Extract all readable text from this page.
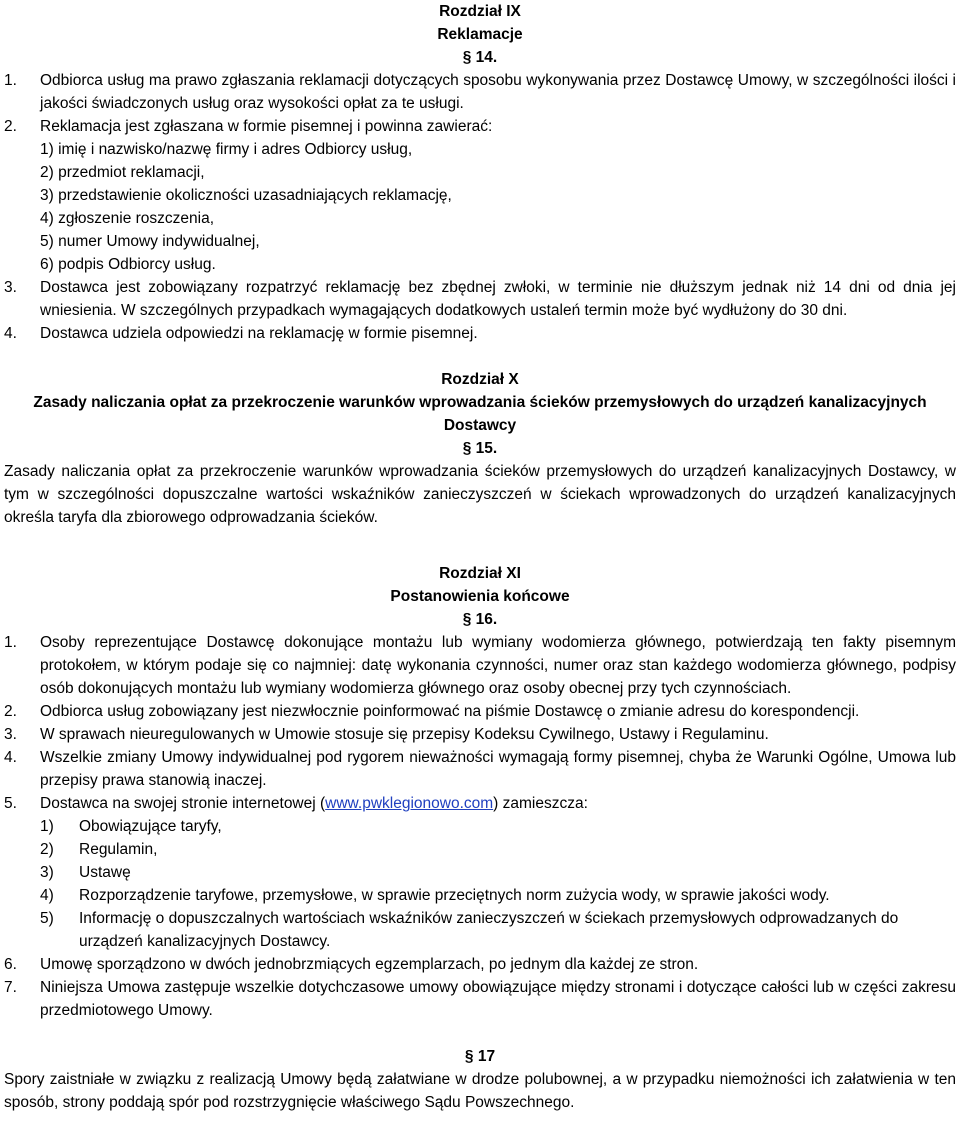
Rozdział IX
Reklamacje
§ 14.
1.	Odbiorca usług ma prawo zgłaszania reklamacji dotyczących sposobu wykonywania przez Dostawcę Umowy, w szczególności ilości i jakości świadczonych usług oraz wysokości opłat za te usługi.
2.	Reklamacja jest zgłaszana w formie pisemnej i powinna zawierać:
1) imię i nazwisko/nazwę firmy i adres Odbiorcy usług,
2) przedmiot reklamacji,
3) przedstawienie okoliczności uzasadniających reklamację,
4) zgłoszenie roszczenia,
5) numer Umowy indywidualnej,
6) podpis Odbiorcy usług.
3.	Dostawca jest zobowiązany rozpatrzyć reklamację bez zbędnej zwłoki, w terminie nie dłuższym jednak niż 14 dni od dnia jej wniesienia. W szczególnych przypadkach wymagających dodatkowych ustaleń termin może być wydłużony do 30 dni.
4.	Dostawca udziela odpowiedzi na reklamację w formie pisemnej.
Rozdział X
Zasady naliczania opłat za przekroczenie warunków wprowadzania ścieków przemysłowych do urządzeń kanalizacyjnych Dostawcy
§ 15.
Zasady naliczania opłat za przekroczenie warunków wprowadzania ścieków przemysłowych do urządzeń kanalizacyjnych Dostawcy, w tym w szczególności dopuszczalne wartości wskaźników zanieczyszczeń w ściekach wprowadzonych do urządzeń kanalizacyjnych określa taryfa dla zbiorowego odprowadzania ścieków.
Rozdział XI
Postanowienia końcowe
§ 16.
1.	Osoby reprezentujące Dostawcę dokonujące montażu lub wymiany wodomierza głównego, potwierdzają ten fakty pisemnym protokołem, w którym podaje się co najmniej: datę wykonania czynności, numer oraz stan każdego wodomierza głównego, podpisy osób dokonujących montażu lub wymiany wodomierza głównego oraz osoby obecnej przy tych czynnościach.
2.	Odbiorca usług zobowiązany jest niezwłocznie poinformować na piśmie Dostawcę o zmianie adresu do korespondencji.
3.	W sprawach nieuregulowanych w Umowie stosuje się przepisy Kodeksu Cywilnego, Ustawy i Regulaminu.
4.	Wszelkie zmiany Umowy indywidualnej pod rygorem nieważności wymagają formy pisemnej, chyba że Warunki Ogólne, Umowa lub przepisy prawa stanowią inaczej.
5.	Dostawca na swojej stronie internetowej (www.pwklegionowo.com) zamieszcza:
1) Obowiązujące taryfy,
2) Regulamin,
3) Ustawę
4) Rozporządzenie taryfowe, przemysłowe, w sprawie przeciętnych norm zużycia wody, w sprawie jakości wody.
5) Informację o dopuszczalnych wartościach wskaźników zanieczyszczeń w ściekach przemysłowych odprowadzanych do urządzeń kanalizacyjnych Dostawcy.
6.	Umowę sporządzono w dwóch jednobrzmiących egzemplarzach, po jednym dla każdej ze stron.
7.	Niniejsza Umowa zastępuje wszelkie dotychczasowe umowy obowiązujące między stronami i dotyczące całości lub w części zakresu przedmiotowego Umowy.
§ 17
Spory zaistniałe w związku z realizacją Umowy będą załatwiane w drodze polubownej, a w przypadku niemożności ich załatwienia w ten sposób, strony poddają spór pod rozstrzygnięcie właściwego Sądu Powszechnego.
